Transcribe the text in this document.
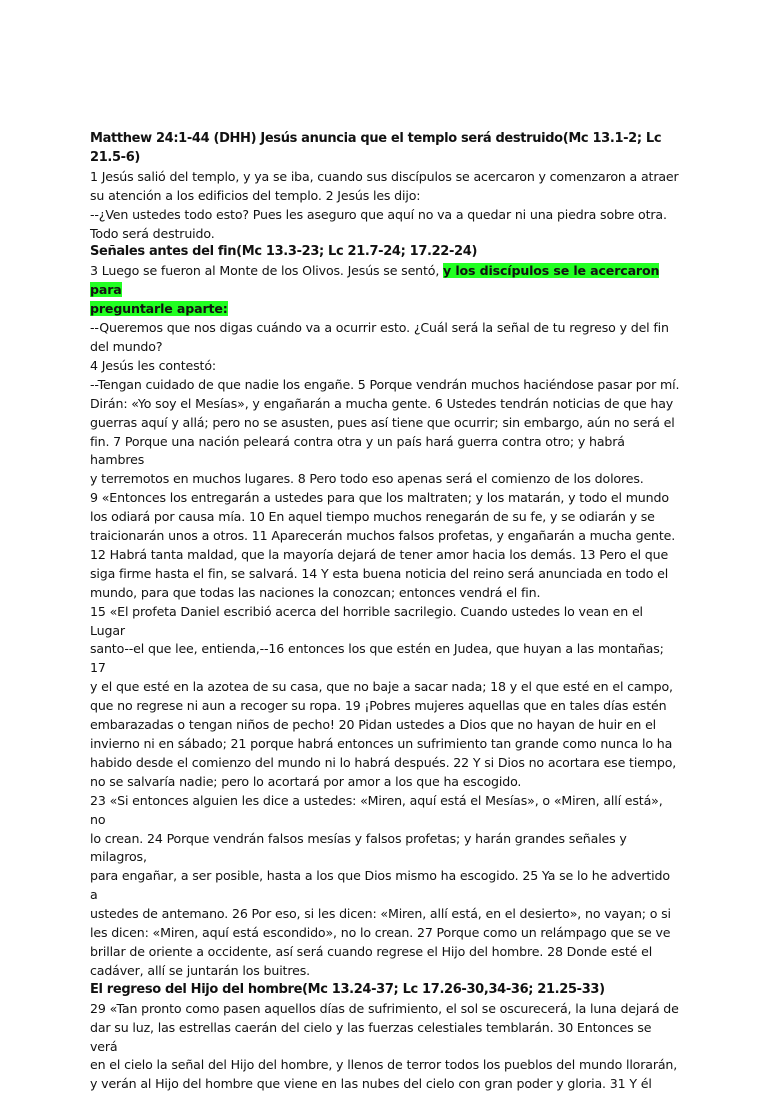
Matthew 24:1-44 (DHH) Jesús anuncia que el templo será destruido(Mc 13.1-2; Lc 21.5-6)

1 Jesús salió del templo, y ya se iba, cuando sus discípulos se acercaron y comenzaron a atraer
su atención a los edificios del templo. 2 Jesús les dijo:

--¿Ven ustedes todo esto? Pues les aseguro que aquí no va a quedar ni una piedra sobre otra.
Todo será destruido.

Señales antes del fin(Mc 13.3-23; Lc 21.7-24; 17.22-24)

3 Luego se fueron al Monte de los Olivos. Jesús se sentó, y los discípulos se le acercaron para
preguntarle aparte:

--Queremos que nos digas cuándo va a ocurrir esto. ¿Cuál será la señal de tu regreso y del fin
del mundo?

4 Jesús les contestó:

--Tengan cuidado de que nadie los engañe. 5 Porque vendrán muchos haciéndose pasar por mí.
Dirán: «Yo soy el Mesías», y engañarán a mucha gente. 6 Ustedes tendrán noticias de que hay
guerras aquí y allá; pero no se asusten, pues así tiene que ocurrir; sin embargo, aún no será el
fin. 7 Porque una nación peleará contra otra y un país hará guerra contra otro; y habrá hambres
y terremotos en muchos lugares. 8 Pero todo eso apenas será el comienzo de los dolores.

9 «Entonces los entregarán a ustedes para que los maltraten; y los matarán, y todo el mundo
los odiará por causa mía. 10 En aquel tiempo muchos renegarán de su fe, y se odiarán y se
traicionarán unos a otros. 11 Aparecerán muchos falsos profetas, y engañarán a mucha gente.
12 Habrá tanta maldad, que la mayoría dejará de tener amor hacia los demás. 13 Pero el que
siga firme hasta el fin, se salvará. 14 Y esta buena noticia del reino será anunciada en todo el
mundo, para que todas las naciones la conozcan; entonces vendrá el fin.

15 «El profeta Daniel escribió acerca del horrible sacrilegio. Cuando ustedes lo vean en el Lugar
santo--el que lee, entienda,--16 entonces los que estén en Judea, que huyan a las montañas; 17
y el que esté en la azotea de su casa, que no baje a sacar nada; 18 y el que esté en el campo,
que no regrese ni aun a recoger su ropa. 19 ¡Pobres mujeres aquellas que en tales días estén
embarazadas o tengan niños de pecho! 20 Pidan ustedes a Dios que no hayan de huir en el
invierno ni en sábado; 21 porque habrá entonces un sufrimiento tan grande como nunca lo ha
habido desde el comienzo del mundo ni lo habrá después. 22 Y si Dios no acortara ese tiempo,
no se salvaría nadie; pero lo acortará por amor a los que ha escogido.

23 «Si entonces alguien les dice a ustedes: «Miren, aquí está el Mesías», o «Miren, allí está», no
lo crean. 24 Porque vendrán falsos mesías y falsos profetas; y harán grandes señales y milagros,
para engañar, a ser posible, hasta a los que Dios mismo ha escogido. 25 Ya se lo he advertido a
ustedes de antemano. 26 Por eso, si les dicen: «Miren, allí está, en el desierto», no vayan; o si
les dicen: «Miren, aquí está escondido», no lo crean. 27 Porque como un relámpago que se ve
brillar de oriente a occidente, así será cuando regrese el Hijo del hombre. 28 Donde esté el
cadáver, allí se juntarán los buitres.

El regreso del Hijo del hombre(Mc 13.24-37; Lc 17.26-30,34-36; 21.25-33)

29 «Tan pronto como pasen aquellos días de sufrimiento, el sol se oscurecerá, la luna dejará de
dar su luz, las estrellas caerán del cielo y las fuerzas celestiales temblarán. 30 Entonces se verá
en el cielo la señal del Hijo del hombre, y llenos de terror todos los pueblos del mundo llorarán,
y verán al Hijo del hombre que viene en las nubes del cielo con gran poder y gloria. 31 Y él
